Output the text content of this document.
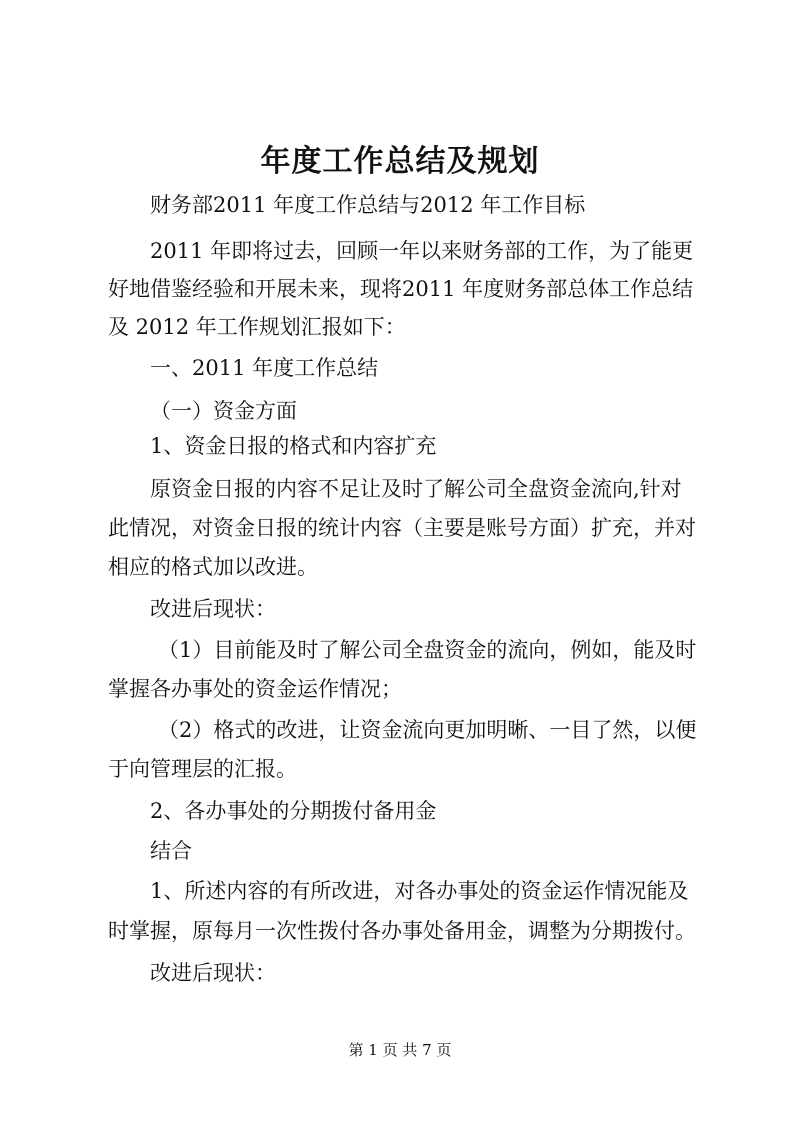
年度工作总结及规划
财务部2011 年度工作总结与2012 年工作目标
2011 年即将过去，回顾一年以来财务部的工作，为了能更
好地借鉴经验和开展未来，现将2011 年度财务部总体工作总结
及 2012 年工作规划汇报如下：
一、2011 年度工作总结
（一）资金方面
1、资金日报的格式和内容扩充
原资金日报的内容不足让及时了解公司全盘资金流向,针对
此情况，对资金日报的统计内容（主要是账号方面）扩充，并对
相应的格式加以改进。
改进后现状：
（1）目前能及时了解公司全盘资金的流向，例如，能及时
掌握各办事处的资金运作情况；
（2）格式的改进，让资金流向更加明晰、一目了然，以便
于向管理层的汇报。
2、各办事处的分期拨付备用金
结合
1、所述内容的有所改进，对各办事处的资金运作情况能及
时掌握，原每月一次性拨付各办事处备用金，调整为分期拨付。
改进后现状：
第 1 页 共 7 页
